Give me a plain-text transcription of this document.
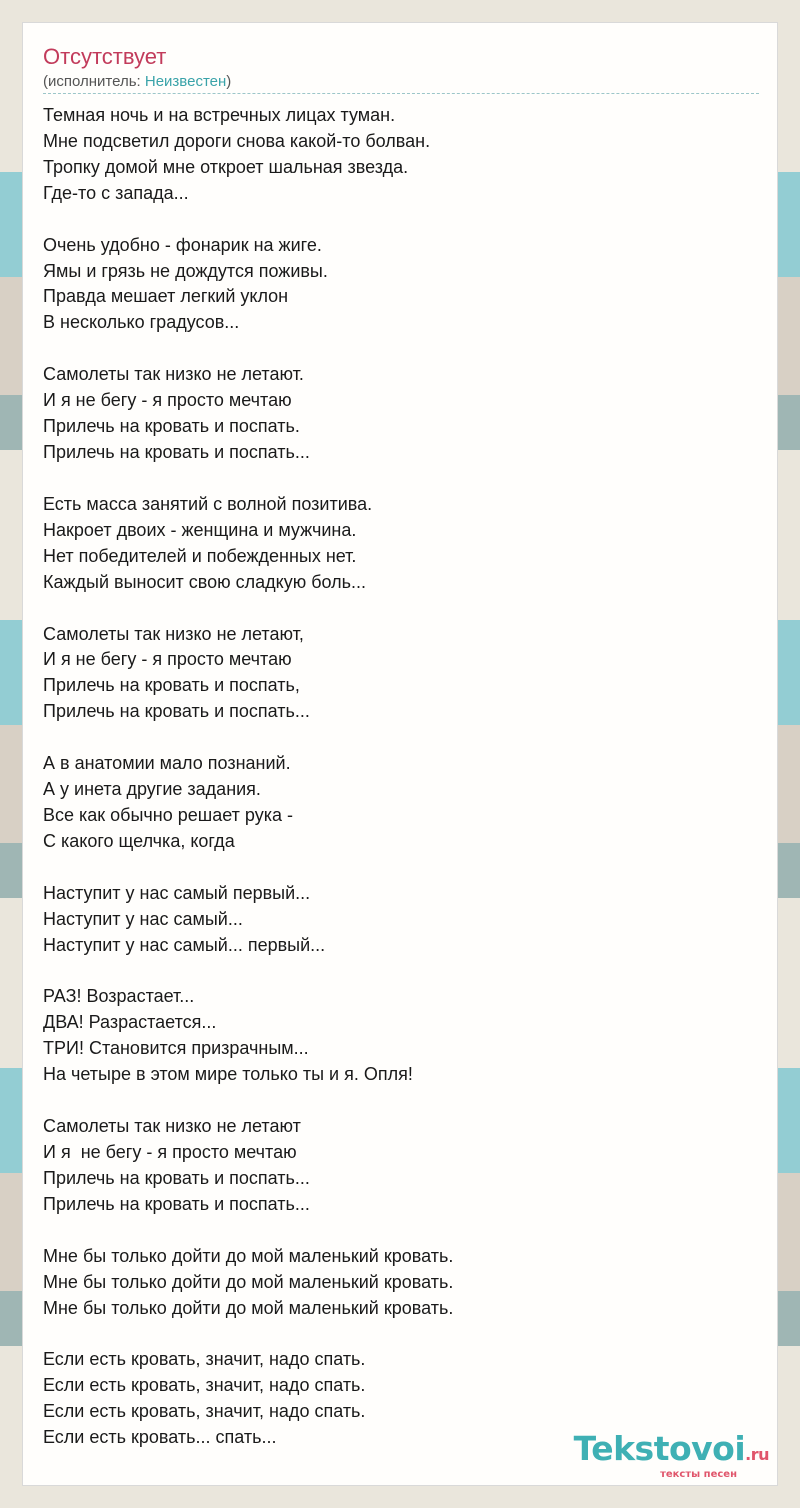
Отсутствует
(исполнитель: Неизвестен)
Темная ночь и на встречных лицах туман.
Мне подсветил дороги снова какой-то болван.
Тропку домой мне откроет шальная звезда.
Где-то с запада...
Очень удобно - фонарик на жиге.
Ямы и грязь не дождутся поживы.
Правда мешает легкий уклон
В несколько градусов...
Самолеты так низко не летают.
И я не бегу - я просто мечтаю
Прилечь на кровать и поспать.
Прилечь на кровать и поспать...
Есть масса занятий с волной позитива.
Накроет двоих - женщина и мужчина.
Нет победителей и побежденных нет.
Каждый выносит свою сладкую боль...
Самолеты так низко не летают,
И я не бегу - я просто мечтаю
Прилечь на кровать и поспать,
Прилечь на кровать и поспать...
А в анатомии мало познаний.
А у инета другие задания.
Все как обычно решает рука -
С какого щелчка, когда
Наступит у нас самый первый...
Наступит у нас самый...
Наступит у нас самый... первый...
РАЗ! Возрастает...
ДВА! Разрастается...
ТРИ! Становится призрачным...
На четыре в этом мире только ты и я. Опля!
Самолеты так низко не летают
И я  не бегу - я просто мечтаю
Прилечь на кровать и поспать...
Прилечь на кровать и поспать...
Мне бы только дойти до мой маленький кровать.
Мне бы только дойти до мой маленький кровать.
Мне бы только дойти до мой маленький кровать.
Если есть кровать, значит, надо спать.
Если есть кровать, значит, надо спать.
Если есть кровать, значит, надо спать.
Если есть кровать... спать...	Tekstovoi.ru
тексты песен
